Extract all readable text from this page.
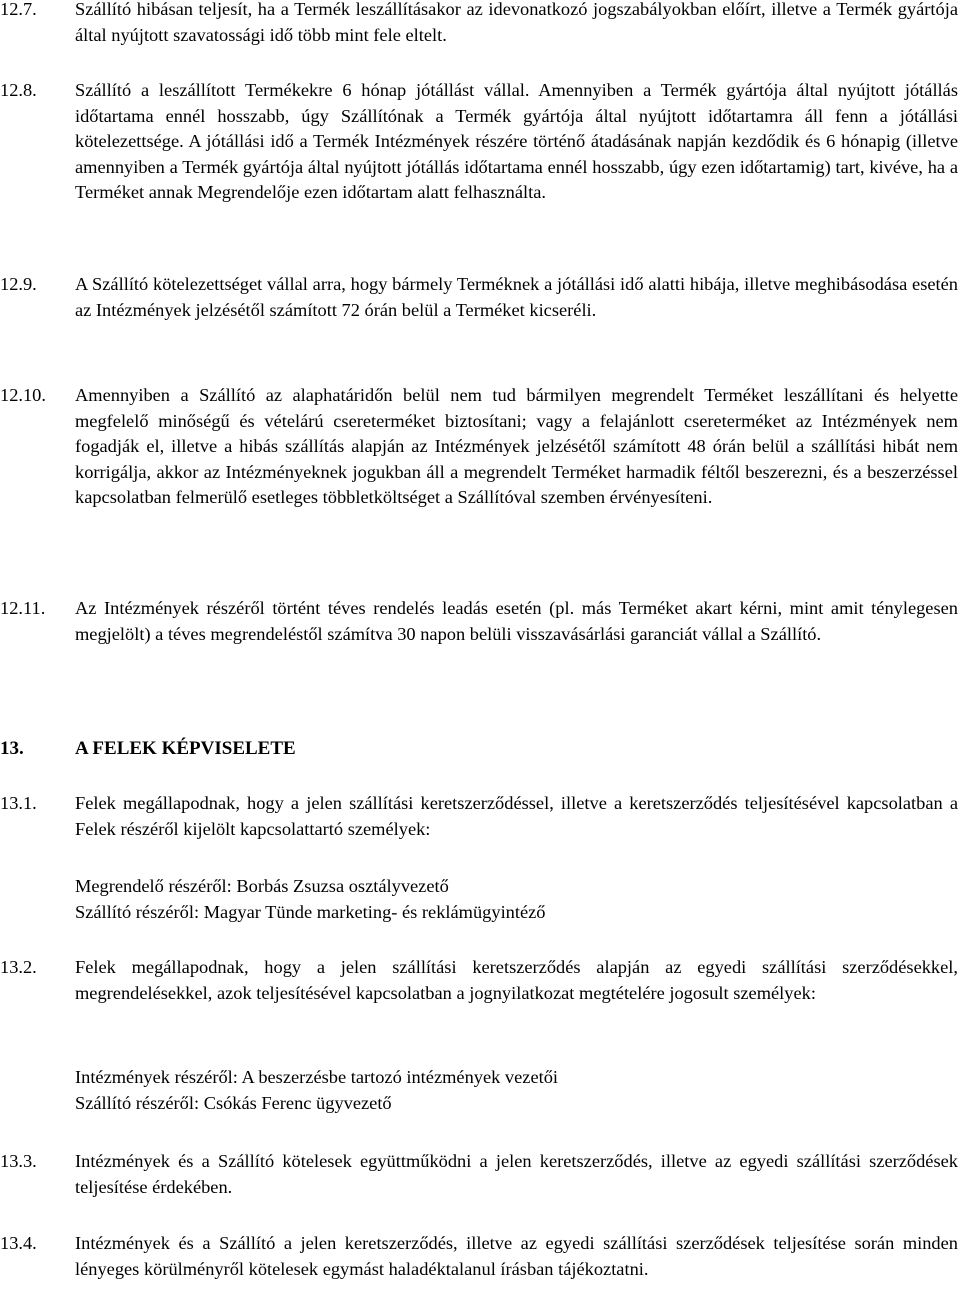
12.7. Szállító hibásan teljesít, ha a Termék leszállításakor az idevonatkozó jogszabályokban előírt, illetve a Termék gyártója által nyújtott szavatossági idő több mint fele eltelt.
12.8. Szállító a leszállított Termékekre 6 hónap jótállást vállal. Amennyiben a Termék gyártója által nyújtott jótállás időtartama ennél hosszabb, úgy Szállítónak a Termék gyártója által nyújtott időtartamra áll fenn a jótállási kötelezettsége. A jótállási idő a Termék Intézmények részére történő átadásának napján kezdődik és 6 hónapig (illetve amennyiben a Termék gyártója által nyújtott jótállás időtartama ennél hosszabb, úgy ezen időtartamig) tart, kivéve, ha a Terméket annak Megrendelője ezen időtartam alatt felhasználta.
12.9. A Szállító kötelezettséget vállal arra, hogy bármely Terméknek a jótállási idő alatti hibája, illetve meghibásodása esetén az Intézmények jelzésétől számított 72 órán belül a Terméket kicseréli.
12.10. Amennyiben a Szállító az alaphatáridőn belül nem tud bármilyen megrendelt Terméket leszállítani és helyette megfelelő minőségű és vételárú csereterméket biztosítani; vagy a felajánlott csereterméket az Intézmények nem fogadják el, illetve a hibás szállítás alapján az Intézmények jelzésétől számított 48 órán belül a szállítási hibát nem korrigálja, akkor az Intézményeknek jogukban áll a megrendelt Terméket harmadik féltől beszerezni, és a beszerzéssel kapcsolatban felmerülő esetleges többletköltséget a Szállítóval szemben érvényesíteni.
12.11. Az Intézmények részéről történt téves rendelés leadás esetén (pl. más Terméket akart kérni, mint amit ténylegesen megjelölt) a téves megrendeléstől számítva 30 napon belüli visszavásárlási garanciát vállal a Szállító.
13.	A FELEK KÉPVISELETE
13.1. Felek megállapodnak, hogy a jelen szállítási keretszerződéssel, illetve a keretszerződés teljesítésével kapcsolatban a Felek részéről kijelölt kapcsolattartó személyek:
Megrendelő részéről: Borbás Zsuzsa osztályvezető
Szállító részéről: Magyar Tünde marketing- és reklámügyintéző
13.2. Felek megállapodnak, hogy a jelen szállítási keretszerződés alapján az egyedi szállítási szerződésekkel, megrendelésekkel, azok teljesítésével kapcsolatban a jognyilatkozat megtételére jogosult személyek:
Intézmények részéről: A beszerzésbe tartozó intézmények vezetői
Szállító részéről: Csókás Ferenc ügyvezető
13.3. Intézmények és a Szállító kötelesek együttműködni a jelen keretszerződés, illetve az egyedi szállítási szerződések teljesítése érdekében.
13.4. Intézmények és a Szállító a jelen keretszerződés, illetve az egyedi szállítási szerződések teljesítése során minden lényeges körülményről kötelesek egymást haladéktalanul írásban tájékoztatni.
